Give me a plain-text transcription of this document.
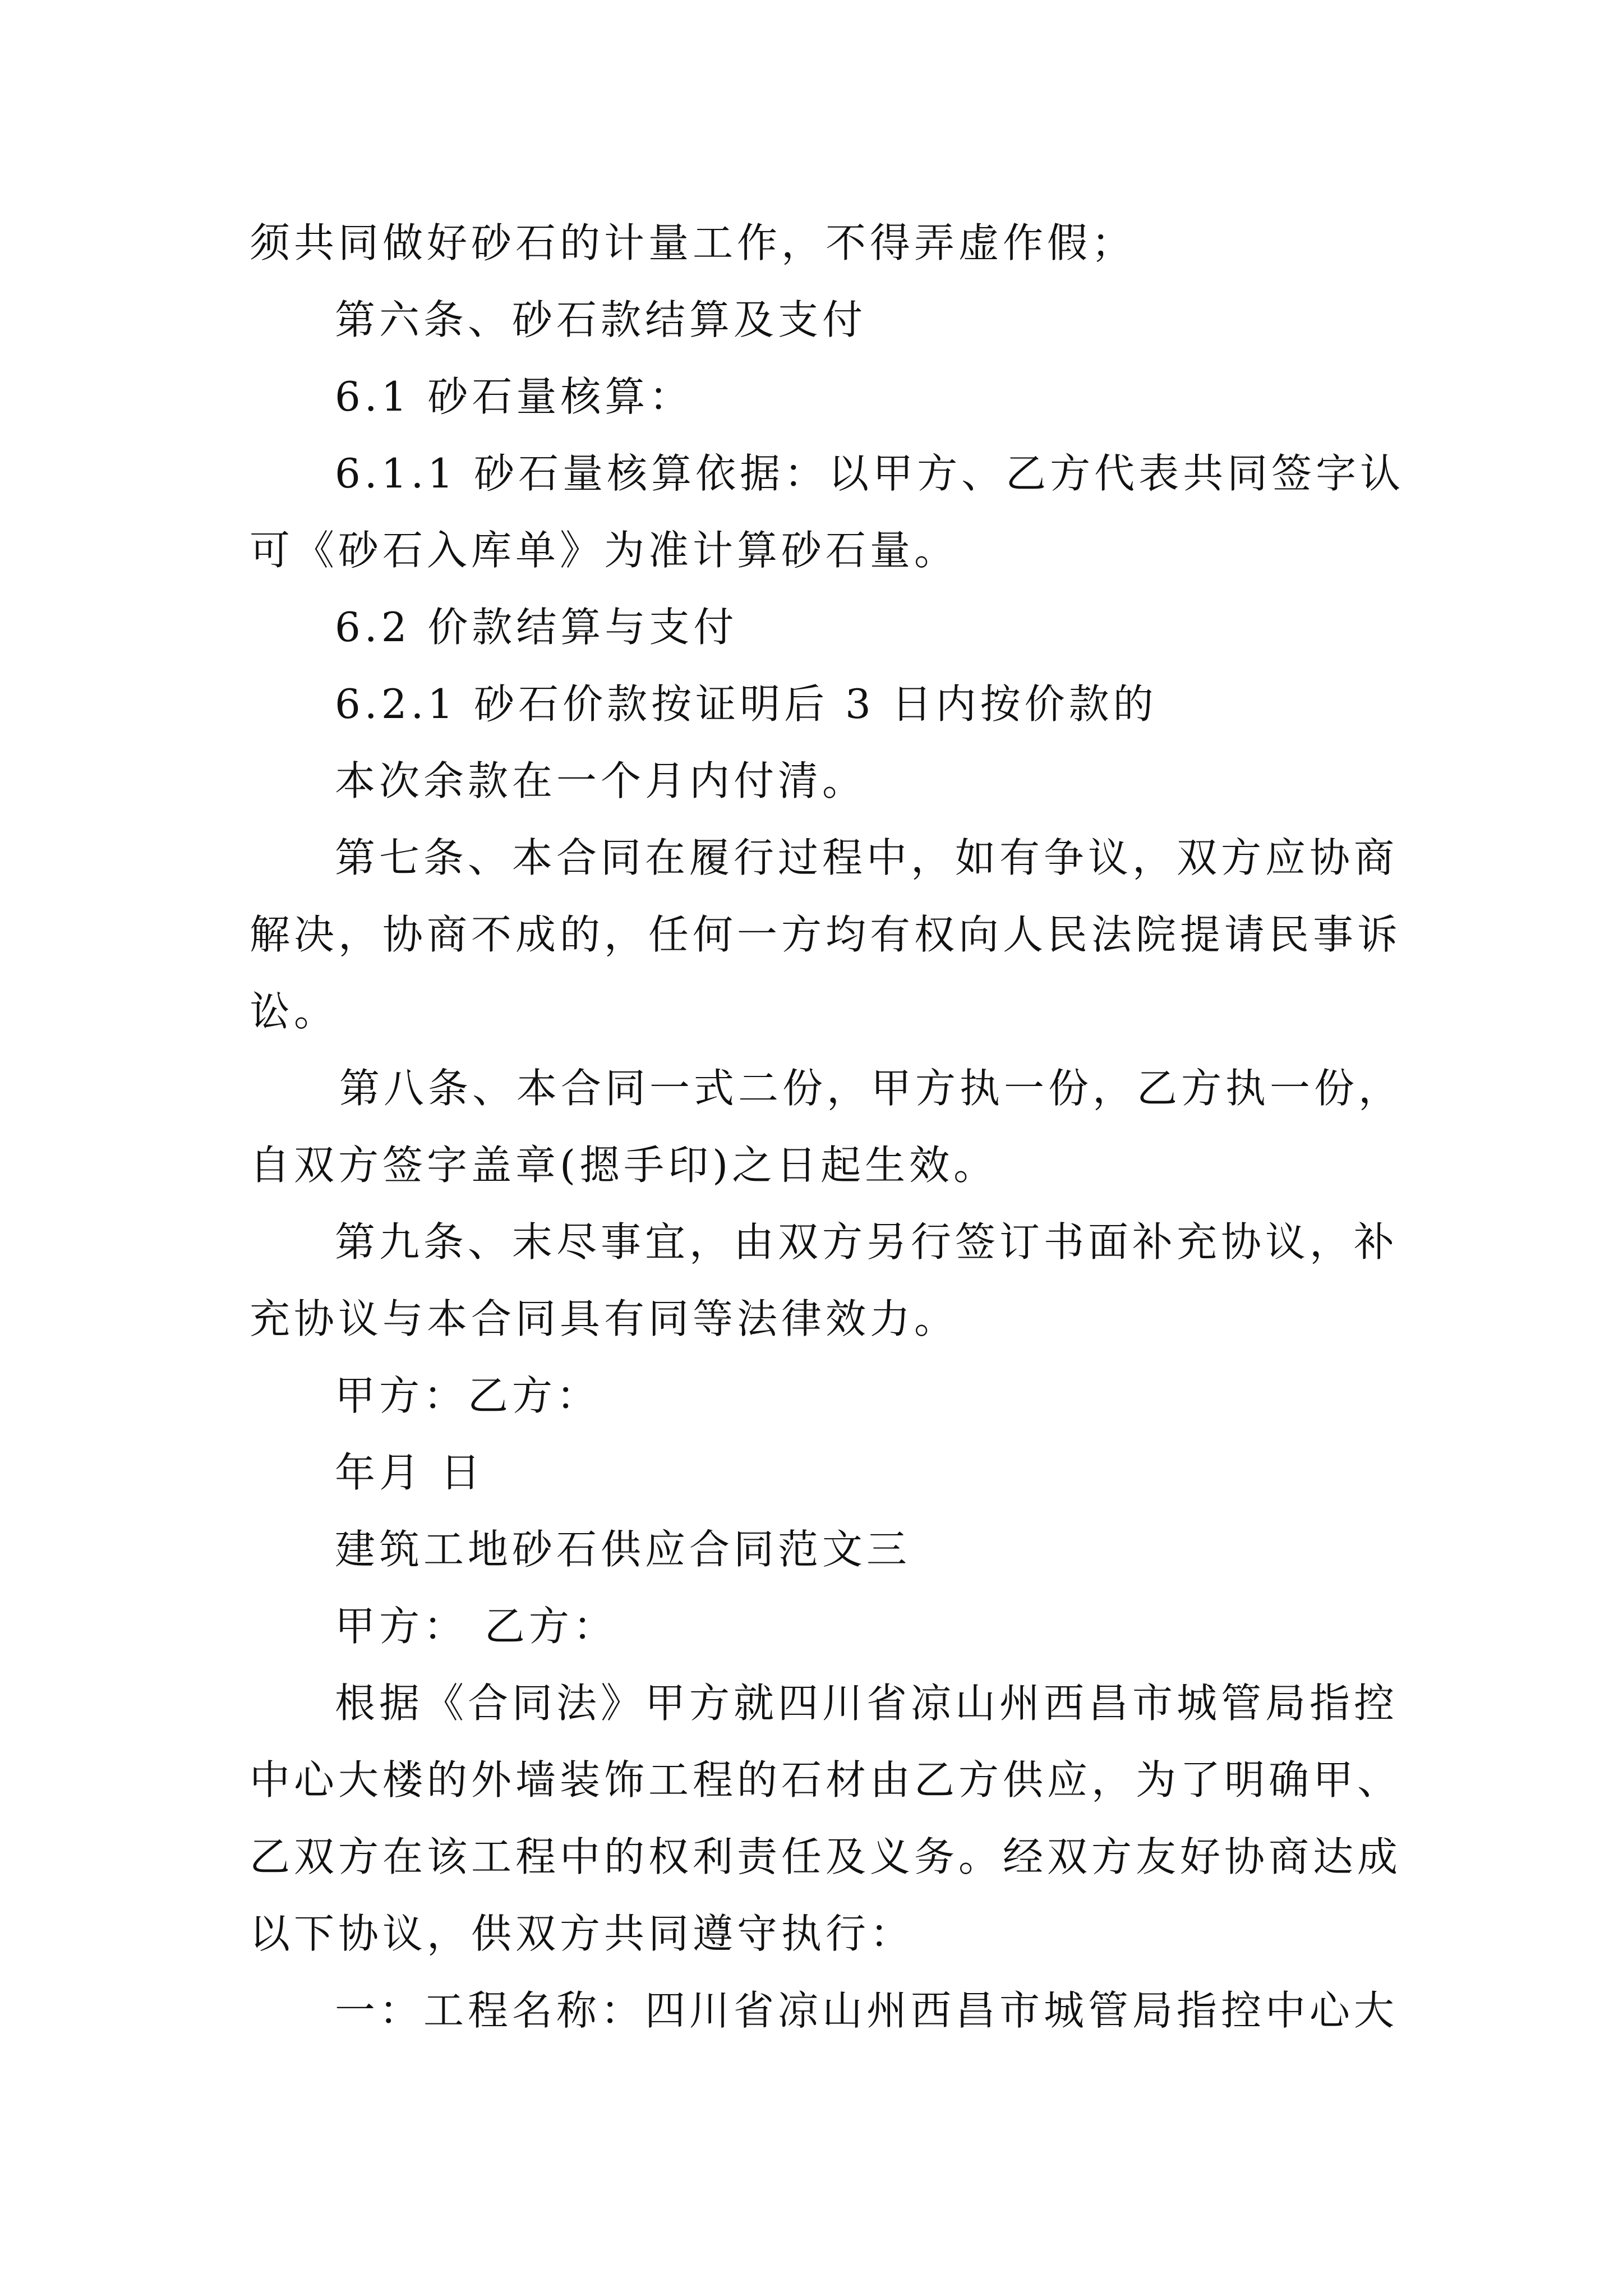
须共同做好砂石的计量工作，不得弄虚作假；
第六条、砂石款结算及支付
6.1 砂石量核算：
6.1.1 砂石量核算依据：以甲方、乙方代表共同签字认
可《砂石入库单》为准计算砂石量。
6.2 价款结算与支付
6.2.1 砂石价款按证明后 3 日内按价款的
本次余款在一个月内付清。
第七条、本合同在履行过程中，如有争议，双方应协商
解决，协商不成的，任何一方均有权向人民法院提请民事诉
讼。
第八条、本合同一式二份，甲方执一份，乙方执一份，
自双方签字盖章(摁手印)之日起生效。
第九条、末尽事宜，由双方另行签订书面补充协议，补
充协议与本合同具有同等法律效力。
甲方：乙方：
年月 日
建筑工地砂石供应合同范文三
甲方： 乙方：
根据《合同法》甲方就四川省凉山州西昌市城管局指控
中心大楼的外墙装饰工程的石材由乙方供应，为了明确甲、
乙双方在该工程中的权利责任及义务。经双方友好协商达成
以下协议，供双方共同遵守执行：
一：工程名称：四川省凉山州西昌市城管局指控中心大
